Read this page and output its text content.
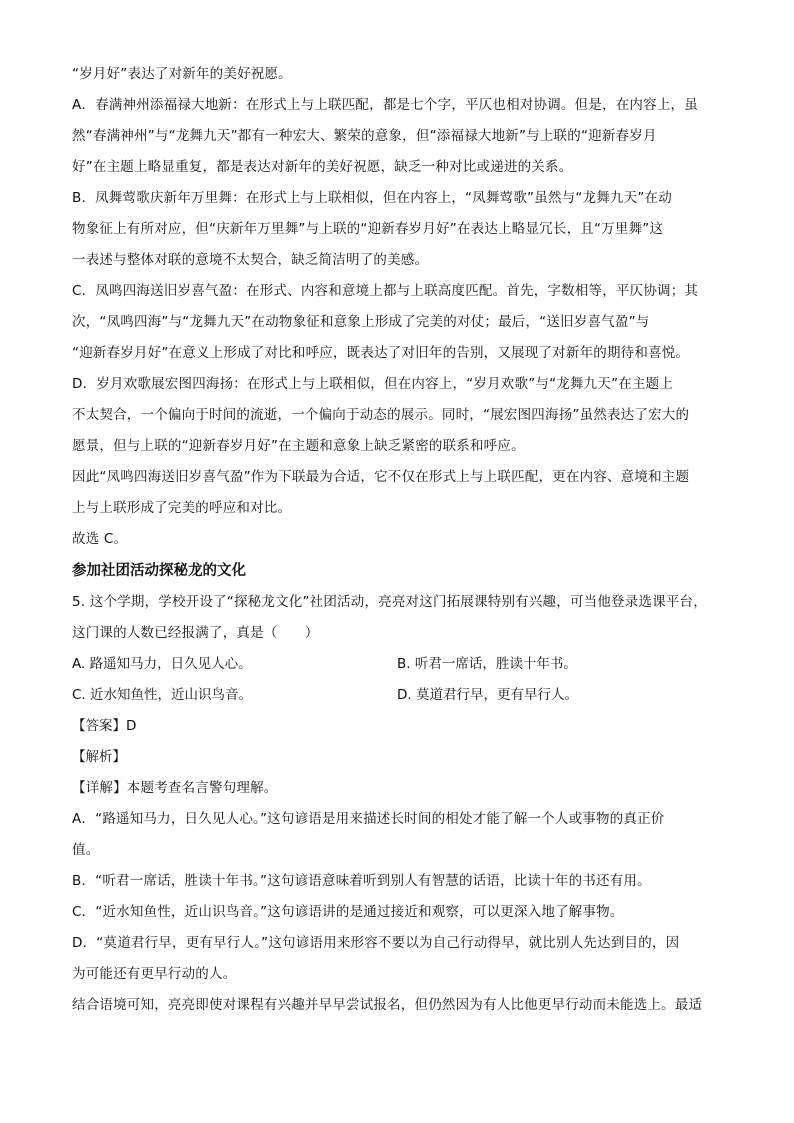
“岁月好”表达了对新年的美好祝愿。

A．春满神州添福禄大地新：在形式上与上联匹配，都是七个字，平仄也相对协调。但是，在内容上，虽

然“春满神州”与“龙舞九天”都有一种宏大、繁荣的意象，但“添福禄大地新”与上联的“迎新春岁月

好”在主题上略显重复，都是表达对新年的美好祝愿，缺乏一种对比或递进的关系。

B．凤舞莺歌庆新年万里舞：在形式上与上联相似，但在内容上，“凤舞莺歌”虽然与“龙舞九天”在动

物象征上有所对应，但“庆新年万里舞”与上联的“迎新春岁月好”在表达上略显冗长，且“万里舞”这

一表述与整体对联的意境不太契合，缺乏简洁明了的美感。

C．凤鸣四海送旧岁喜气盈：在形式、内容和意境上都与上联高度匹配。首先，字数相等，平仄协调；其

次，“凤鸣四海”与“龙舞九天”在动物象征和意象上形成了完美的对仗；最后，“送旧岁喜气盈”与

“迎新春岁月好”在意义上形成了对比和呼应，既表达了对旧年的告别，又展现了对新年的期待和喜悦。

D．岁月欢歌展宏图四海扬：在形式上与上联相似，但在内容上，“岁月欢歌”与“龙舞九天”在主题上

不太契合，一个偏向于时间的流逝，一个偏向于动态的展示。同时，“展宏图四海扬”虽然表达了宏大的

愿景，但与上联的“迎新春岁月好”在主题和意象上缺乏紧密的联系和呼应。

因此“凤鸣四海送旧岁喜气盈”作为下联最为合适，它不仅在形式上与上联匹配，更在内容、意境和主题

上与上联形成了完美的呼应和对比。

故选 C。

参加社团活动探秘龙的文化

5. 这个学期，学校开设了“探秘龙文化”社团活动，亮亮对这门拓展课特别有兴趣，可当他登录选课平台，

这门课的人数已经报满了，真是（　　）

A. 路遥知马力，日久见人心。	B. 听君一席话，胜读十年书。
C. 近水知鱼性，近山识鸟音。	D. 莫道君行早，更有早行人。

【答案】D

【解析】

【详解】本题考查名言警句理解。

A．“路遥知马力，日久见人心。”这句谚语是用来描述长时间的相处才能了解一个人或事物的真正价

值。

B．“听君一席话，胜读十年书。”这句谚语意味着听到别人有智慧的话语，比读十年的书还有用。

C．“近水知鱼性，近山识鸟音。”这句谚语讲的是通过接近和观察，可以更深入地了解事物。

D．“莫道君行早，更有早行人。”这句谚语用来形容不要以为自己行动得早，就比别人先达到目的，因

为可能还有更早行动的人。

结合语境可知，亮亮即使对课程有兴趣并早早尝试报名，但仍然因为有人比他更早行动而未能选上。最适
